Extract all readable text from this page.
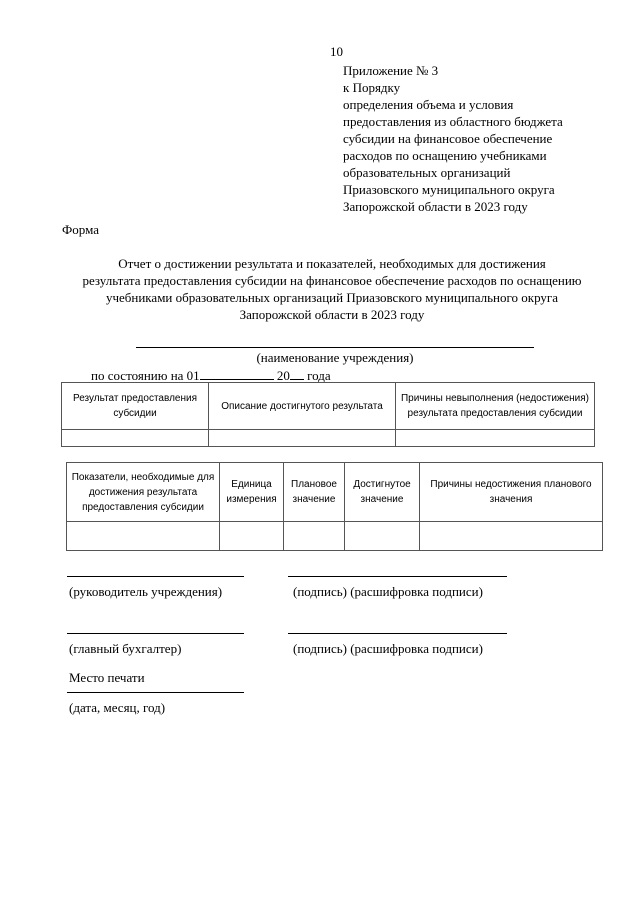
10
Приложение № 3
к Порядку
определения объема и условия
предоставления из областного бюджета
субсидии на финансовое обеспечение
расходов по оснащению учебниками
образовательных организаций
Приазовского муниципального округа
Запорожской области в 2023 году
Форма
Отчет о достижении результата и показателей, необходимых для достижения
результата предоставления субсидии на финансовое обеспечение расходов по оснащению
учебниками образовательных организаций Приазовского муниципального округа
Запорожской области в 2023 году
(наименование учреждения)
по состоянию на 01	20 года
Результат предоставления субсидии	Описание достигнутого результата	Причины невыполнения (недостижения) результата предоставления субсидии

Показатели, необходимые для достижения результата предоставления субсидии	Единица измерения	Плановое значение	Достигнутое значение	Причины недостижения планового значения

(руководитель учреждения)	(подпись) (расшифровка подписи)
(главный бухгалтер)	(подпись) (расшифровка подписи)
Место печати
(дата, месяц, год)
